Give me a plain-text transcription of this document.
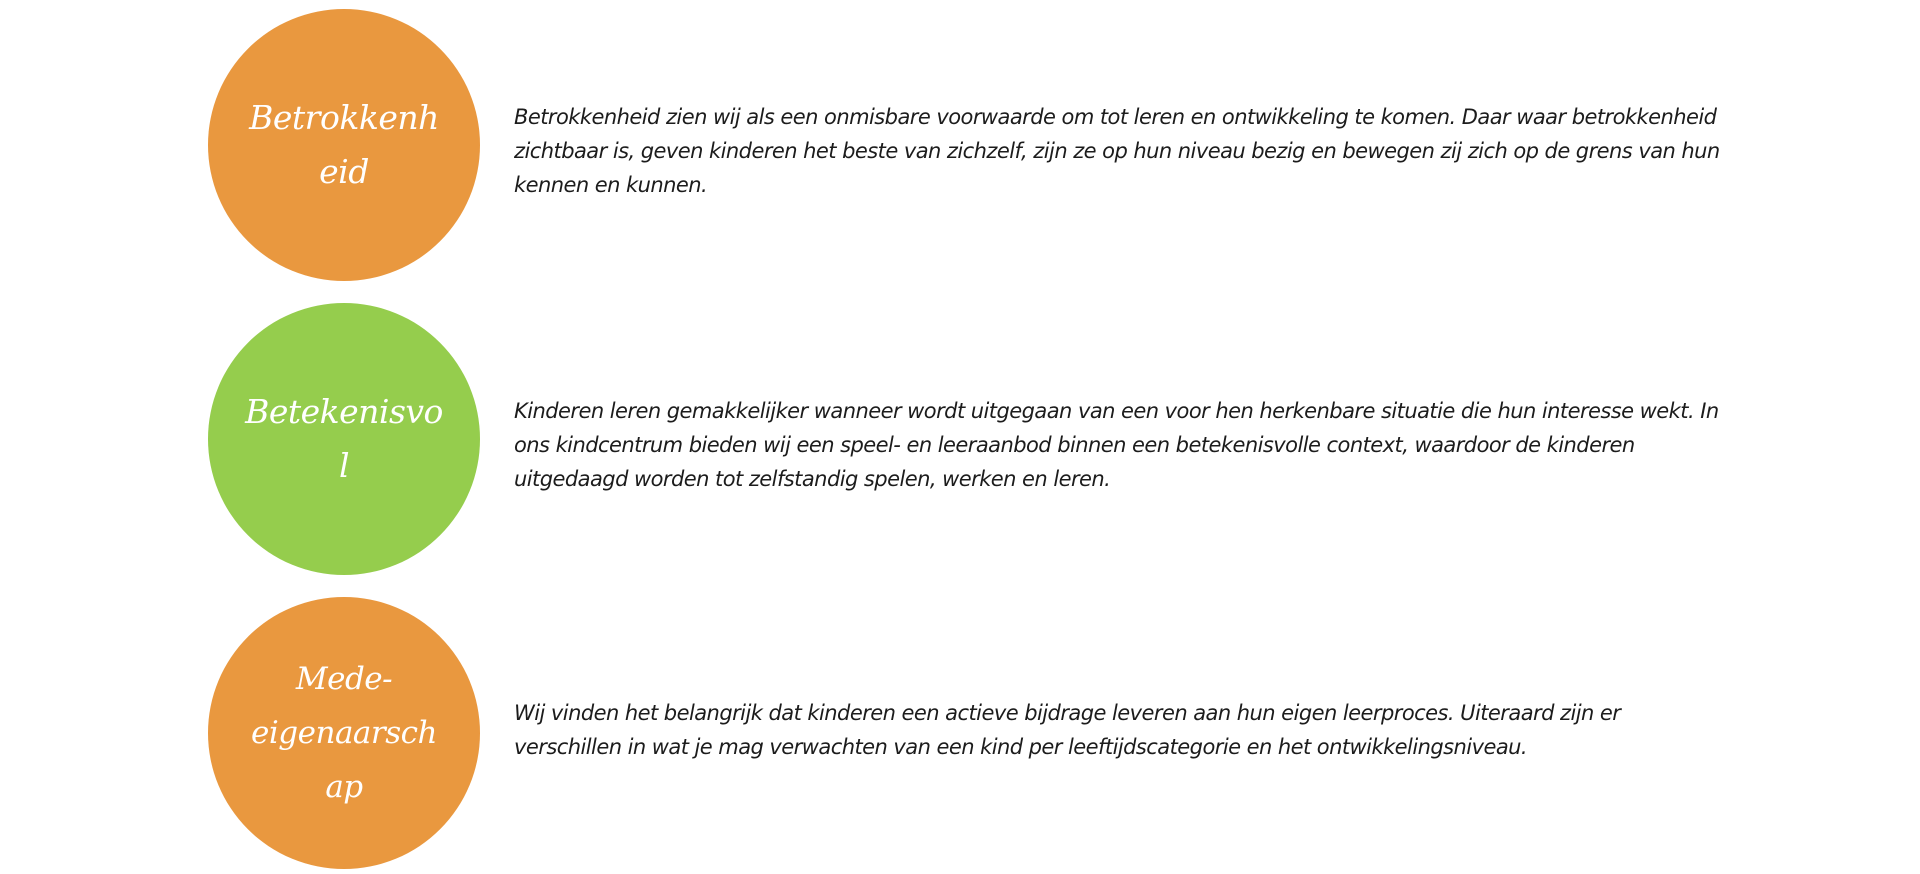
Betrokkenheid

Betrokkenheid zien wij als een onmisbare voorwaarde om tot leren en ontwikkeling te komen. Daar waar betrokkenheid zichtbaar is, geven kinderen het beste van zichzelf, zijn ze op hun niveau bezig en bewegen zij zich op de grens van hun kennen en kunnen.

Betekenisvol

Kinderen leren gemakkelijker wanneer wordt uitgegaan van een voor hen herkenbare situatie die hun interesse wekt. In ons kindcentrum bieden wij een speel- en leeraanbod binnen een betekenisvolle context, waardoor de kinderen uitgedaagd worden tot zelfstandig spelen, werken en leren.

Mede-eigenaarschap

Wij vinden het belangrijk dat kinderen een actieve bijdrage leveren aan hun eigen leerproces. Uiteraard zijn er verschillen in wat je mag verwachten van een kind per leeftijdscategorie en het ontwikkelingsniveau.
